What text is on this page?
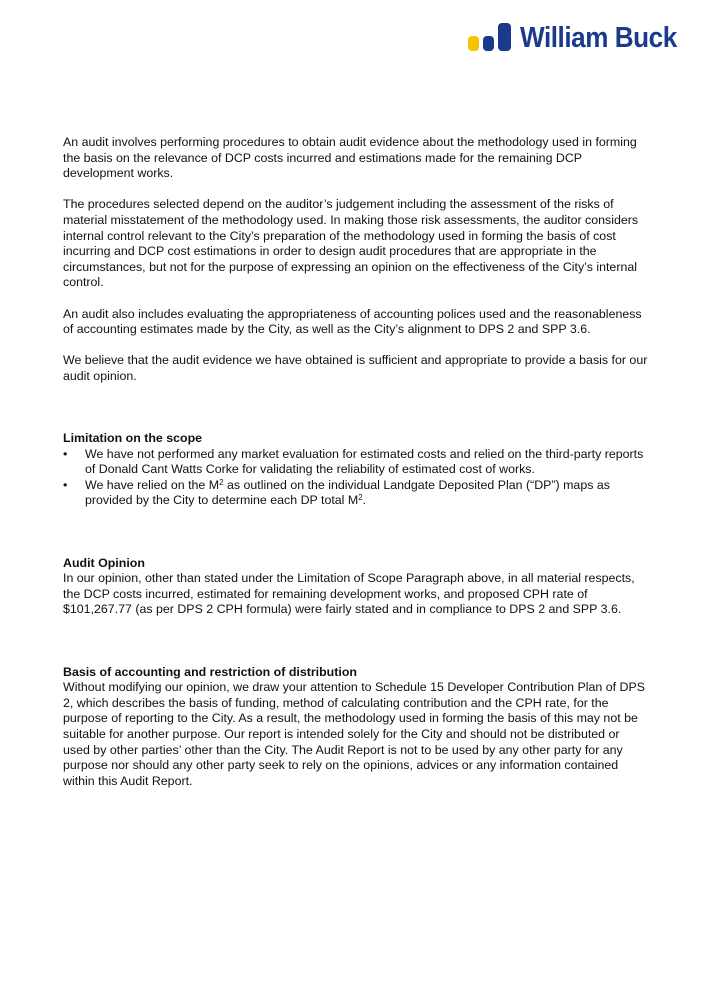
William Buck

An audit involves performing procedures to obtain audit evidence about the methodology used in forming the basis on the relevance of DCP costs incurred and estimations made for the remaining DCP development works.

The procedures selected depend on the auditor’s judgement including the assessment of the risks of material misstatement of the methodology used. In making those risk assessments, the auditor considers internal control relevant to the City’s preparation of the methodology used in forming the basis of cost incurring and DCP cost estimations in order to design audit procedures that are appropriate in the circumstances, but not for the purpose of expressing an opinion on the effectiveness of the City’s internal control.

An audit also includes evaluating the appropriateness of accounting polices used and the reasonableness of accounting estimates made by the City, as well as the City’s alignment to DPS 2 and SPP 3.6.

We believe that the audit evidence we have obtained is sufficient and appropriate to provide a basis for our audit opinion.

Limitation on the scope

•	We have not performed any market evaluation for estimated costs and relied on the third-party reports of Donald Cant Watts Corke for validating the reliability of estimated cost of works.
•	We have relied on the $M^2$ as outlined on the individual Landgate Deposited Plan (“DP”) maps as provided by the City to determine each DP total $M^2$.

Audit Opinion

In our opinion, other than stated under the Limitation of Scope Paragraph above, in all material respects, the DCP costs incurred, estimated for remaining development works, and proposed CPH rate of $101,267.77 (as per DPS 2 CPH formula) were fairly stated and in compliance to DPS 2 and SPP 3.6.

Basis of accounting and restriction of distribution

Without modifying our opinion, we draw your attention to Schedule 15 Developer Contribution Plan of DPS 2, which describes the basis of funding, method of calculating contribution and the CPH rate, for the purpose of reporting to the City. As a result, the methodology used in forming the basis of this may not be suitable for another purpose. Our report is intended solely for the City and should not be distributed or used by other parties’ other than the City. The Audit Report is not to be used by any other party for any purpose nor should any other party seek to rely on the opinions, advices or any information contained within this Audit Report.
